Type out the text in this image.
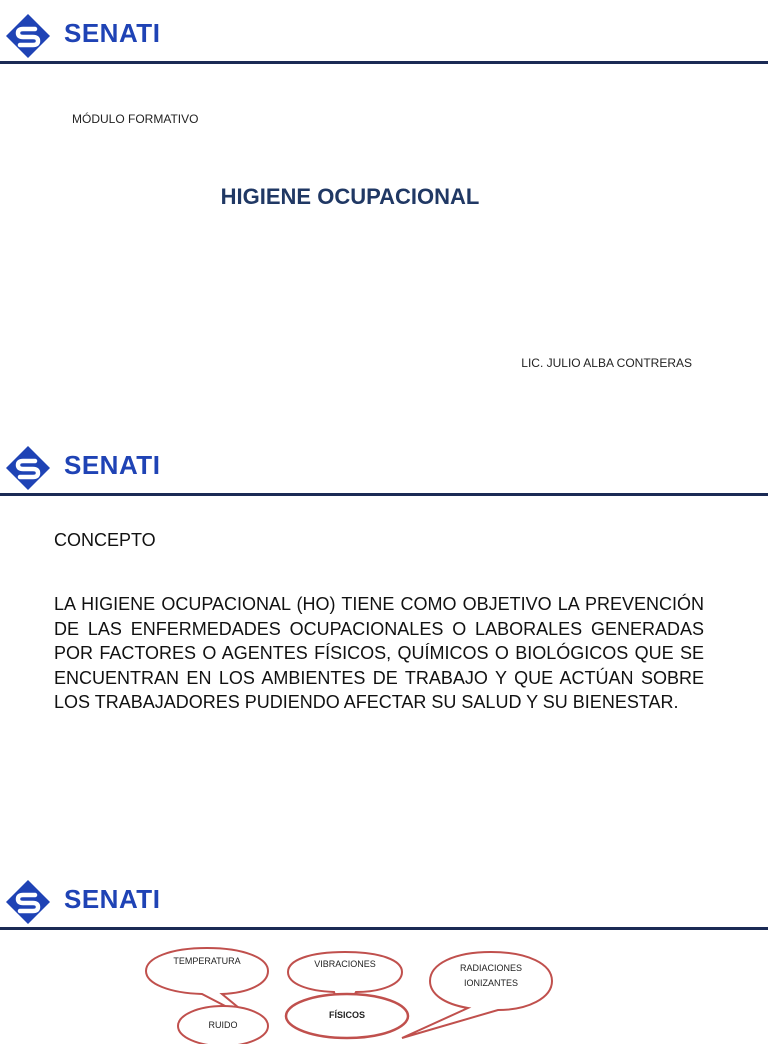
SENATI
MÓDULO FORMATIVO
HIGIENE OCUPACIONAL
LIC. JULIO ALBA CONTRERAS
SENATI
CONCEPTO
LA HIGIENE OCUPACIONAL (HO) TIENE COMO OBJETIVO LA PREVENCIÓN DE LAS ENFERMEDADES OCUPACIONALES O LABORALES GENERADAS POR FACTORES O AGENTES FÍSICOS, QUÍMICOS O BIOLÓGICOS QUE SE ENCUENTRAN EN LOS AMBIENTES DE TRABAJO Y QUE ACTÚAN SOBRE LOS TRABAJADORES PUDIENDO AFECTAR SU SALUD Y SU BIENESTAR.
SENATI
TEMPERATURA	VIBRACIONES	RADIACIONES
IONIZANTES
RUIDO
FÍSICOS
